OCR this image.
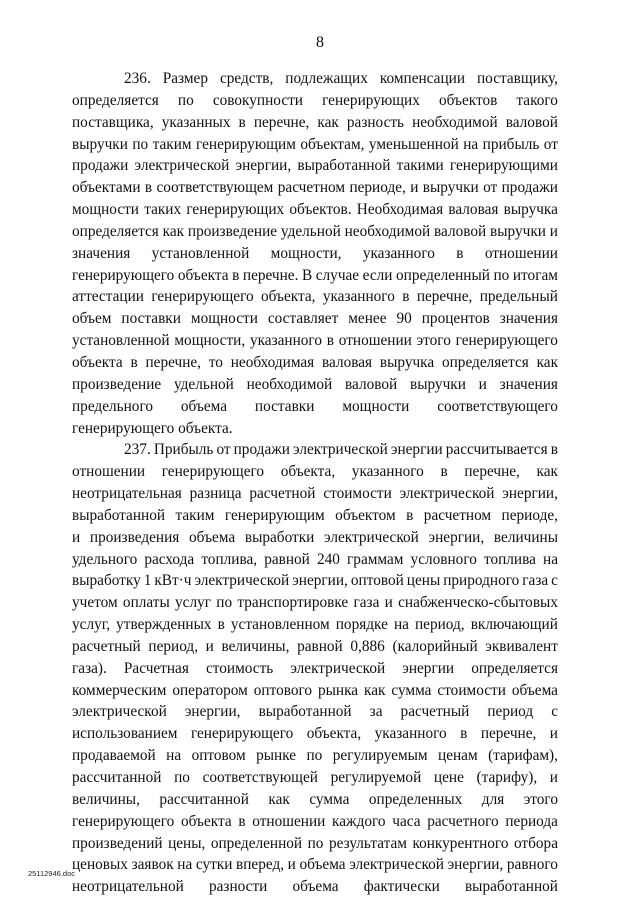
8
236. Размер средств, подлежащих компенсации поставщику,
определяется по совокупности генерирующих объектов такого
поставщика, указанных в перечне, как разность необходимой валовой
выручки по таким генерирующим объектам, уменьшенной на прибыль от
продажи электрической энергии, выработанной такими генерирующими
объектами в соответствующем расчетном периоде, и выручки от продажи
мощности таких генерирующих объектов. Необходимая валовая выручка
определяется как произведение удельной необходимой валовой выручки и
значения установленной мощности, указанного в отношении
генерирующего объекта в перечне. В случае если определенный по итогам
аттестации генерирующего объекта, указанного в перечне, предельный
объем поставки мощности составляет менее 90 процентов значения
установленной мощности, указанного в отношении этого генерирующего
объекта в перечне, то необходимая валовая выручка определяется как
произведение удельной необходимой валовой выручки и значения
предельного объема поставки мощности соответствующего
генерирующего объекта.
237. Прибыль от продажи электрической энергии рассчитывается в
отношении генерирующего объекта, указанного в перечне, как
неотрицательная разница расчетной стоимости электрической энергии,
выработанной таким генерирующим объектом в расчетном периоде,
и произведения объема выработки электрической энергии, величины
удельного расхода топлива, равной 240 граммам условного топлива на
выработку 1 кВт·ч электрической энергии, оптовой цены природного газа с
учетом оплаты услуг по транспортировке газа и снабженческо-сбытовых
услуг, утвержденных в установленном порядке на период, включающий
расчетный период, и величины, равной 0,886 (калорийный эквивалент
газа). Расчетная стоимость электрической энергии определяется
коммерческим оператором оптового рынка как сумма стоимости объема
электрической энергии, выработанной за расчетный период с
использованием генерирующего объекта, указанного в перечне, и
продаваемой на оптовом рынке по регулируемым ценам (тарифам),
рассчитанной по соответствующей регулируемой цене (тарифу), и
величины, рассчитанной как сумма определенных для этого
генерирующего объекта в отношении каждого часа расчетного периода
произведений цены, определенной по результатам конкурентного отбора
ценовых заявок на сутки вперед, и объема электрической энергии, равного
неотрицательной разности объема фактически выработанной
25112946.doc
